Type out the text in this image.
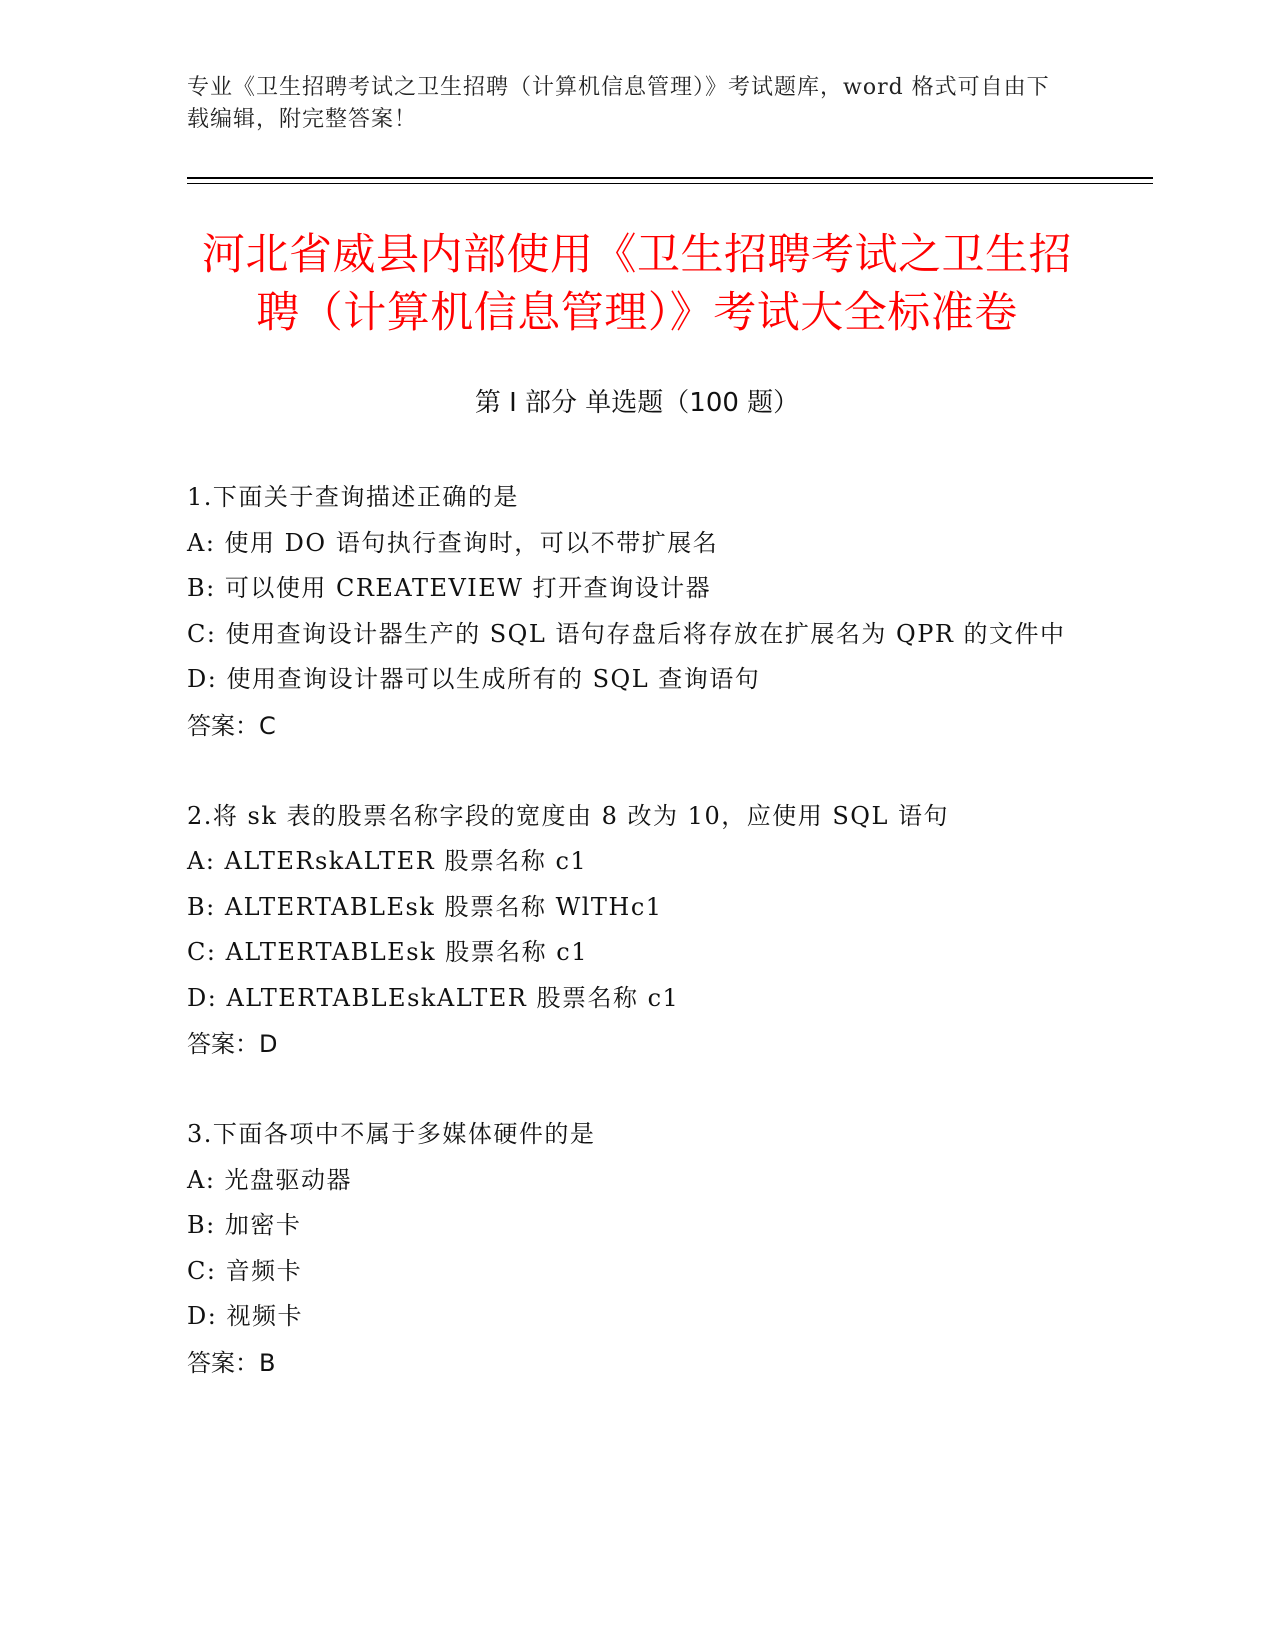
专业《卫生招聘考试之卫生招聘（计算机信息管理）》考试题库，word 格式可自由下载编辑，附完整答案！
河北省威县内部使用《卫生招聘考试之卫生招聘（计算机信息管理）》考试大全标准卷
第 I 部分 单选题（100 题）
1.下面关于查询描述正确的是
A: 使用 DO 语句执行查询时，可以不带扩展名
B: 可以使用 CREATEVIEW 打开查询设计器
C: 使用查询设计器生产的 SQL 语句存盘后将存放在扩展名为 QPR 的文件中
D: 使用查询设计器可以生成所有的 SQL 查询语句
答案：C
2.将 sk 表的股票名称字段的宽度由 8 改为 10，应使用 SQL 语句
A: ALTERskALTER 股票名称 c1
B: ALTERTABLEsk 股票名称 WlTHc1
C: ALTERTABLEsk 股票名称 c1
D: ALTERTABLEskALTER 股票名称 c1
答案：D
3.下面各项中不属于多媒体硬件的是
A: 光盘驱动器
B: 加密卡
C: 音频卡
D: 视频卡
答案：B
